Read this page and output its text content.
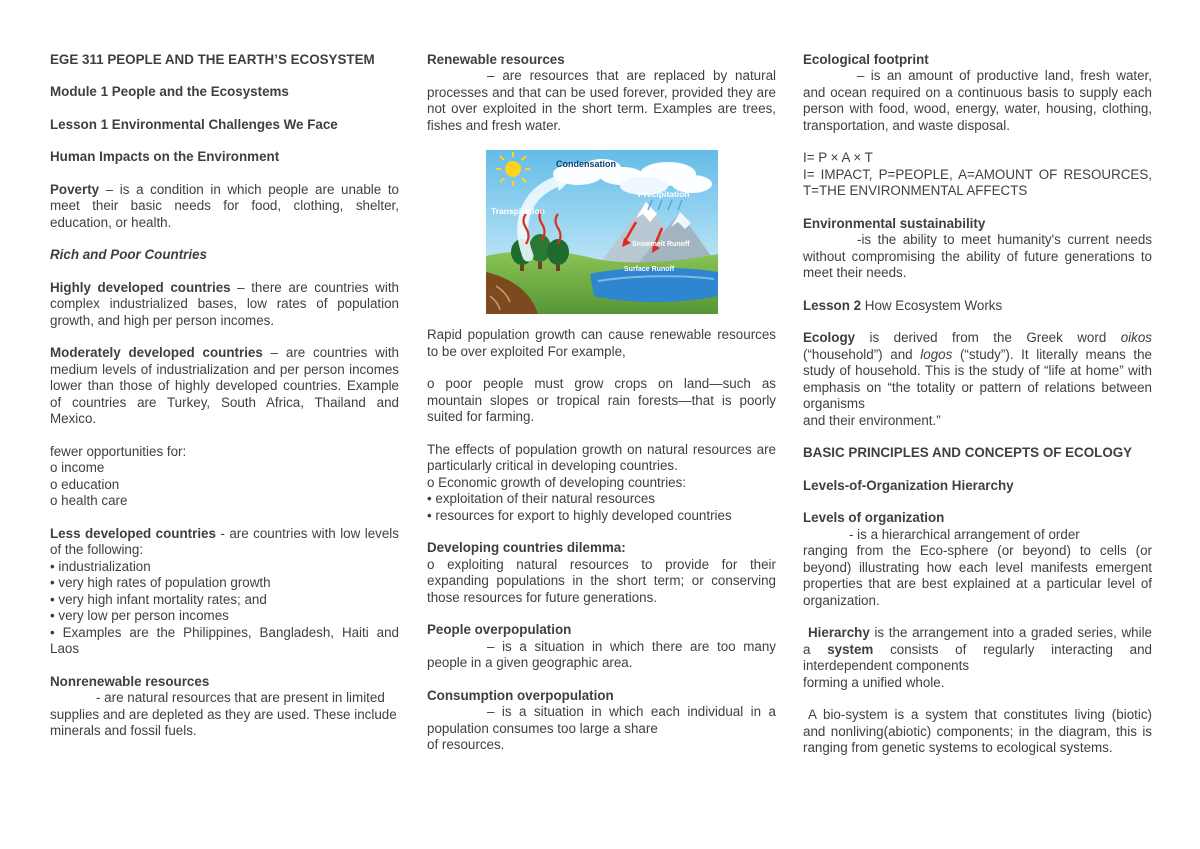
EGE 311 PEOPLE AND THE EARTH’S ECOSYSTEM

Module 1 People and the Ecosystems

Lesson 1 Environmental Challenges We Face

Human Impacts on the Environment

Poverty – is a condition in which people are unable to meet their basic needs for food, clothing, shelter, education, or health.

Rich and Poor Countries

Highly developed countries – there are countries with complex industrialized bases, low rates of population growth, and high per person incomes.

Moderately developed countries – are countries with medium levels of industrialization and per person incomes lower than those of highly developed countries. Example of countries are Turkey, South Africa, Thailand and Mexico.

fewer opportunities for:

o income

o education

o health care

Less developed countries - are countries with low levels of the following:

• industrialization

• very high rates of population growth

• very high infant mortality rates; and

• very low per person incomes

• Examples are the Philippines, Bangladesh, Haiti and Laos

Nonrenewable resources

- are natural resources that are present in limited supplies and are depleted as they are used. These include minerals and fossil fuels.

Renewable resources

– are resources that are replaced by natural processes and that can be used forever, provided they are not over exploited in the short term. Examples are trees, fishes and fresh water.

Condensation
Precipitation
Transpiration
Snowmelt Runoff
Surface Runoff

Rapid population growth can cause renewable resources to be over exploited For example,

o poor people must grow crops on land—such as mountain slopes or tropical rain forests—that is poorly suited for farming.

The effects of population growth on natural resources are particularly critical in developing countries.

o Economic growth of developing countries:

• exploitation of their natural resources

• resources for export to highly developed countries

Developing countries dilemma:

o exploiting natural resources to provide for their expanding populations in the short term; or conserving those resources for future generations.

People overpopulation

– is a situation in which there are too many people in a given geographic area.

Consumption overpopulation

– is a situation in which each individual in a population consumes too large a share

of resources.

Ecological footprint

– is an amount of productive land, fresh water, and ocean required on a continuous basis to supply each person with food, wood, energy, water, housing, clothing, transportation, and waste disposal.

I= P × A × T

I= IMPACT, P=PEOPLE, A=AMOUNT OF RESOURCES, T=THE ENVIRONMENTAL AFFECTS

Environmental sustainability

-is the ability to meet humanity's current needs without compromising the ability of future generations to meet their needs.

Lesson 2 How Ecosystem Works

Ecology is derived from the Greek word oikos (“household”) and logos (“study”). It literally means the study of household. This is the study of “life at home” with emphasis on “the totality or pattern of relations between organisms

and their environment.”

BASIC PRINCIPLES AND CONCEPTS OF ECOLOGY

Levels-of-Organization Hierarchy

Levels of organization

- is a hierarchical arrangement of order

ranging from the Eco-sphere (or beyond) to cells (or beyond) illustrating how each level manifests emergent properties that are best explained at a particular level of organization.

Hierarchy is the arrangement into a graded series, while a system consists of regularly interacting and interdependent components

forming a unified whole.

A bio-system is a system that constitutes living (biotic) and nonliving(abiotic) components; in the diagram, this is ranging from genetic systems to ecological systems.
